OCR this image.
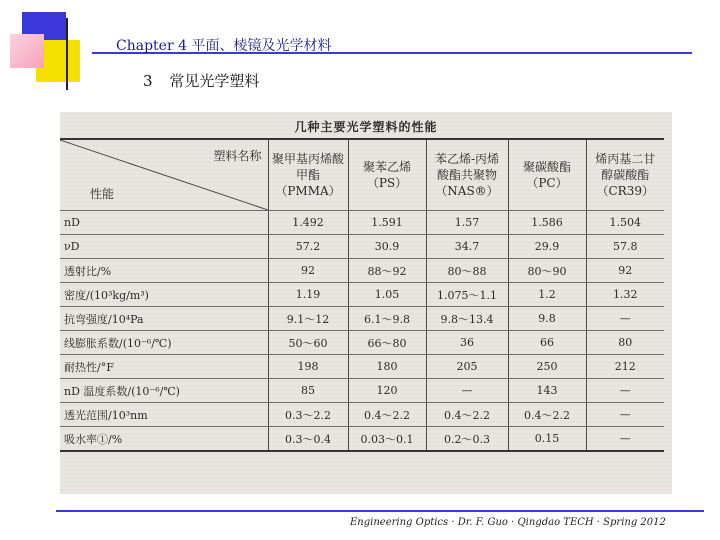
Chapter 4 平面、棱镜及光学材料
3 常见光学塑料
几种主要光学塑料的性能
塑料名称
性能	聚甲基丙烯酸甲酯（PMMA）	聚苯乙烯（PS）	苯乙烯-丙烯酸酯共聚物（NAS®）	聚碳酸酯（PC）	烯丙基二甘醇碳酸酯（CR39）
nD	1.492	1.591	1.57	1.586	1.504
νD	57.2	30.9	34.7	29.9	57.8
透射比/%	92	88～92	80～88	80～90	92
密度/(10³kg/m³)	1.19	1.05	1.075～1.1	1.2	1.32
抗弯强度/10⁴Pa	9.1～12	6.1～9.8	9.8～13.4	9.8	—
线膨胀系数/(10⁻⁶/℃)	50～60	66～80	36	66	80
耐热性/°F	198	180	205	250	212
nD 温度系数/(10⁻⁶/℃)	85	120	—	143	—
透光范围/10³nm	0.3～2.2	0.4～2.2	0.4～2.2	0.4～2.2	—
吸水率①/%	0.3～0.4	0.03～0.1	0.2～0.3	0.15	—
Engineering Optics · Dr. F. Guo · Qingdao TECH · Spring 2012
